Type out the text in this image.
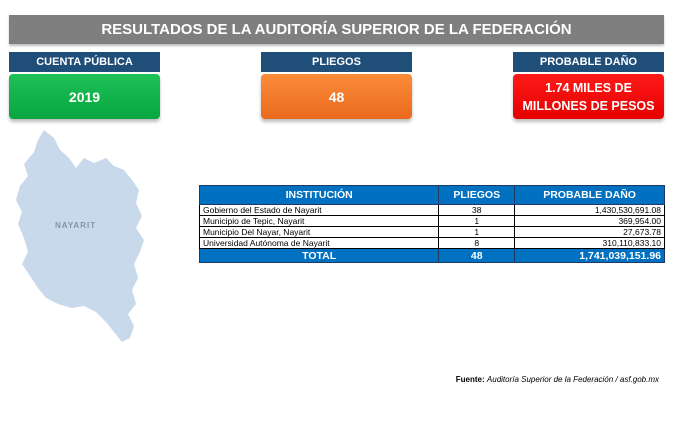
RESULTADOS DE LA AUDITORÍA SUPERIOR DE LA FEDERACIÓN
CUENTA PÚBLICA
2019
PLIEGOS
48
PROBABLE DAÑO
1.74 MILES DE
MILLONES DE PESOS
NAYARIT
INSTITUCIÓN	PLIEGOS	PROBABLE DAÑO
Gobierno del Estado de Nayarit	38	1,430,530,691.08
Municipio de Tepic, Nayarit	1	369,954.00
Municipio Del Nayar, Nayarit	1	27,673.78
Universidad Autónoma de Nayarit	8	310,110,833.10
TOTAL	48	1,741,039,151.96
Fuente: Auditoría Superior de la Federación / asf.gob.mx
